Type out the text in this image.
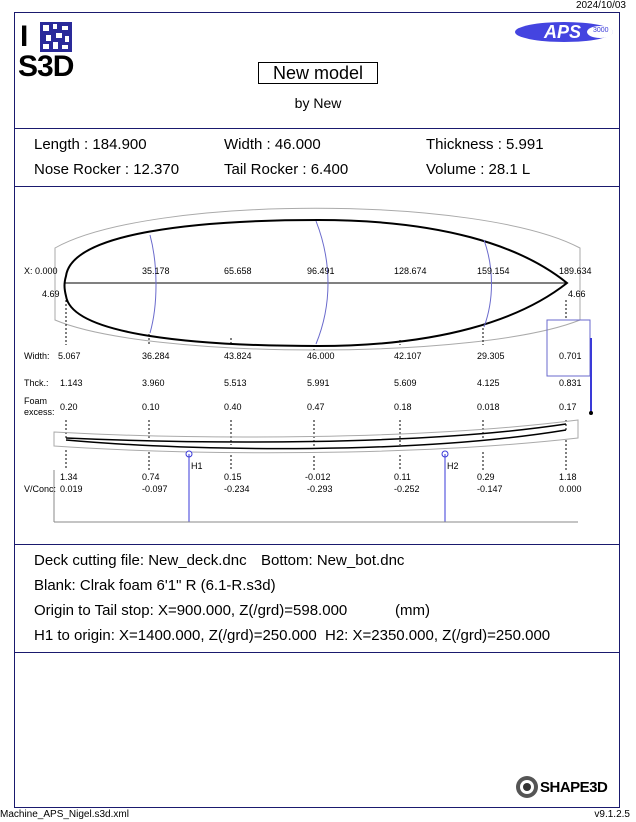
2024/10/03
I
S3D
APS 3000
New model
by New
Length : 184.900	Width : 46.000	Thickness : 5.991
Nose Rocker : 12.370	Tail Rocker : 6.400	Volume : 28.1 L
X: 0.000	35.178	65.658	96.491	128.674	159.154	189.634
4.69	4.66
Width: 5.067	36.284	43.824	46.000	42.107	29.305	0.701
Thck.: 1.143	3.960	5.513	5.991	5.609	4.125	0.831
Foam
excess: 0.20	0.10	0.40	0.47	0.18	0.018	0.17
H1	H2
1.34	0.74	0.15	-0.012	0.11	0.29	1.18
V/Conc: 0.019	-0.097	-0.234	-0.293	-0.252	-0.147	0.000
Deck cutting file: New_deck.dnc Bottom: New_bot.dnc
Blank: Clrak foam 6'1" R (6.1-R.s3d)
Origin to Tail stop: X=900.000, Z(/grd)=598.000	(mm)
H1 to origin: X=1400.000, Z(/grd)=250.000 H2: X=2350.000, Z(/grd)=250.000
SHAPE3D
Machine_APS_Nigel.s3d.xml	v9.1.2.5
